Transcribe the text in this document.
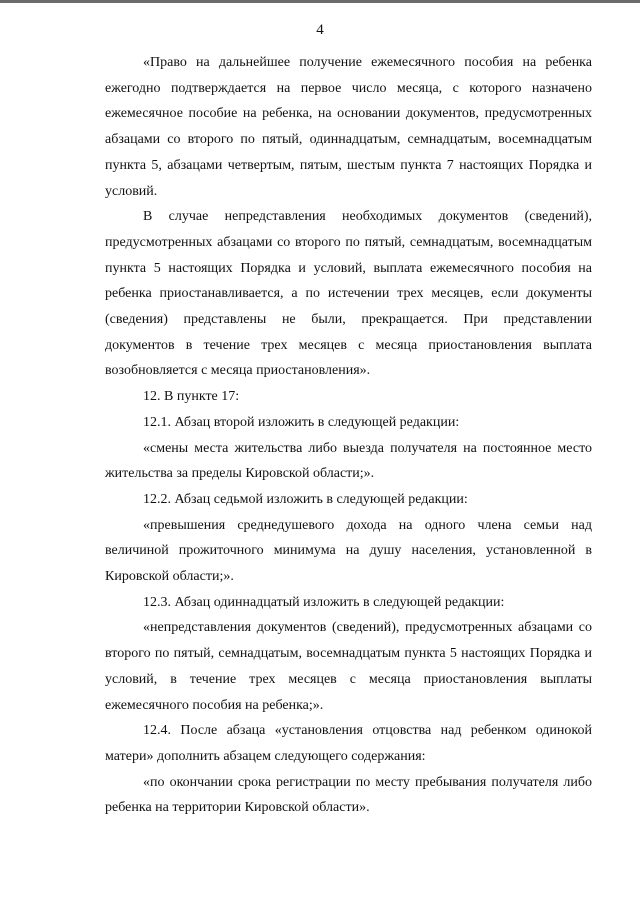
4

«Право на дальнейшее получение ежемесячного пособия на ребенка ежегодно подтверждается на первое число месяца, с которого назначено ежемесячное пособие на ребенка, на основании документов, предусмотренных абзацами со второго по пятый, одиннадцатым, семнадцатым, восемнадцатым пункта 5, абзацами четвертым, пятым, шестым пункта 7 настоящих Порядка и условий.

В случае непредставления необходимых документов (сведений), предусмотренных абзацами со второго по пятый, семнадцатым, восемнадцатым пункта 5 настоящих Порядка и условий, выплата ежемесячного пособия на ребенка приостанавливается, а по истечении трех месяцев, если документы (сведения) представлены не были, прекращается. При представлении документов в течение трех месяцев с месяца приостановления выплата возобновляется с месяца приостановления».

12. В пункте 17:

12.1. Абзац второй изложить в следующей редакции:

«смены места жительства либо выезда получателя на постоянное место жительства за пределы Кировской области;».

12.2. Абзац седьмой изложить в следующей редакции:

«превышения среднедушевого дохода на одного члена семьи над величиной прожиточного минимума на душу населения, установленной в Кировской области;».

12.3. Абзац одиннадцатый изложить в следующей редакции:

«непредставления документов (сведений), предусмотренных абзацами со второго по пятый, семнадцатым, восемнадцатым пункта 5 настоящих Порядка и условий, в течение трех месяцев с месяца приостановления выплаты ежемесячного пособия на ребенка;».

12.4. После абзаца «установления отцовства над ребенком одинокой матери» дополнить абзацем следующего содержания:

«по окончании срока регистрации по месту пребывания получателя либо ребенка на территории Кировской области».
